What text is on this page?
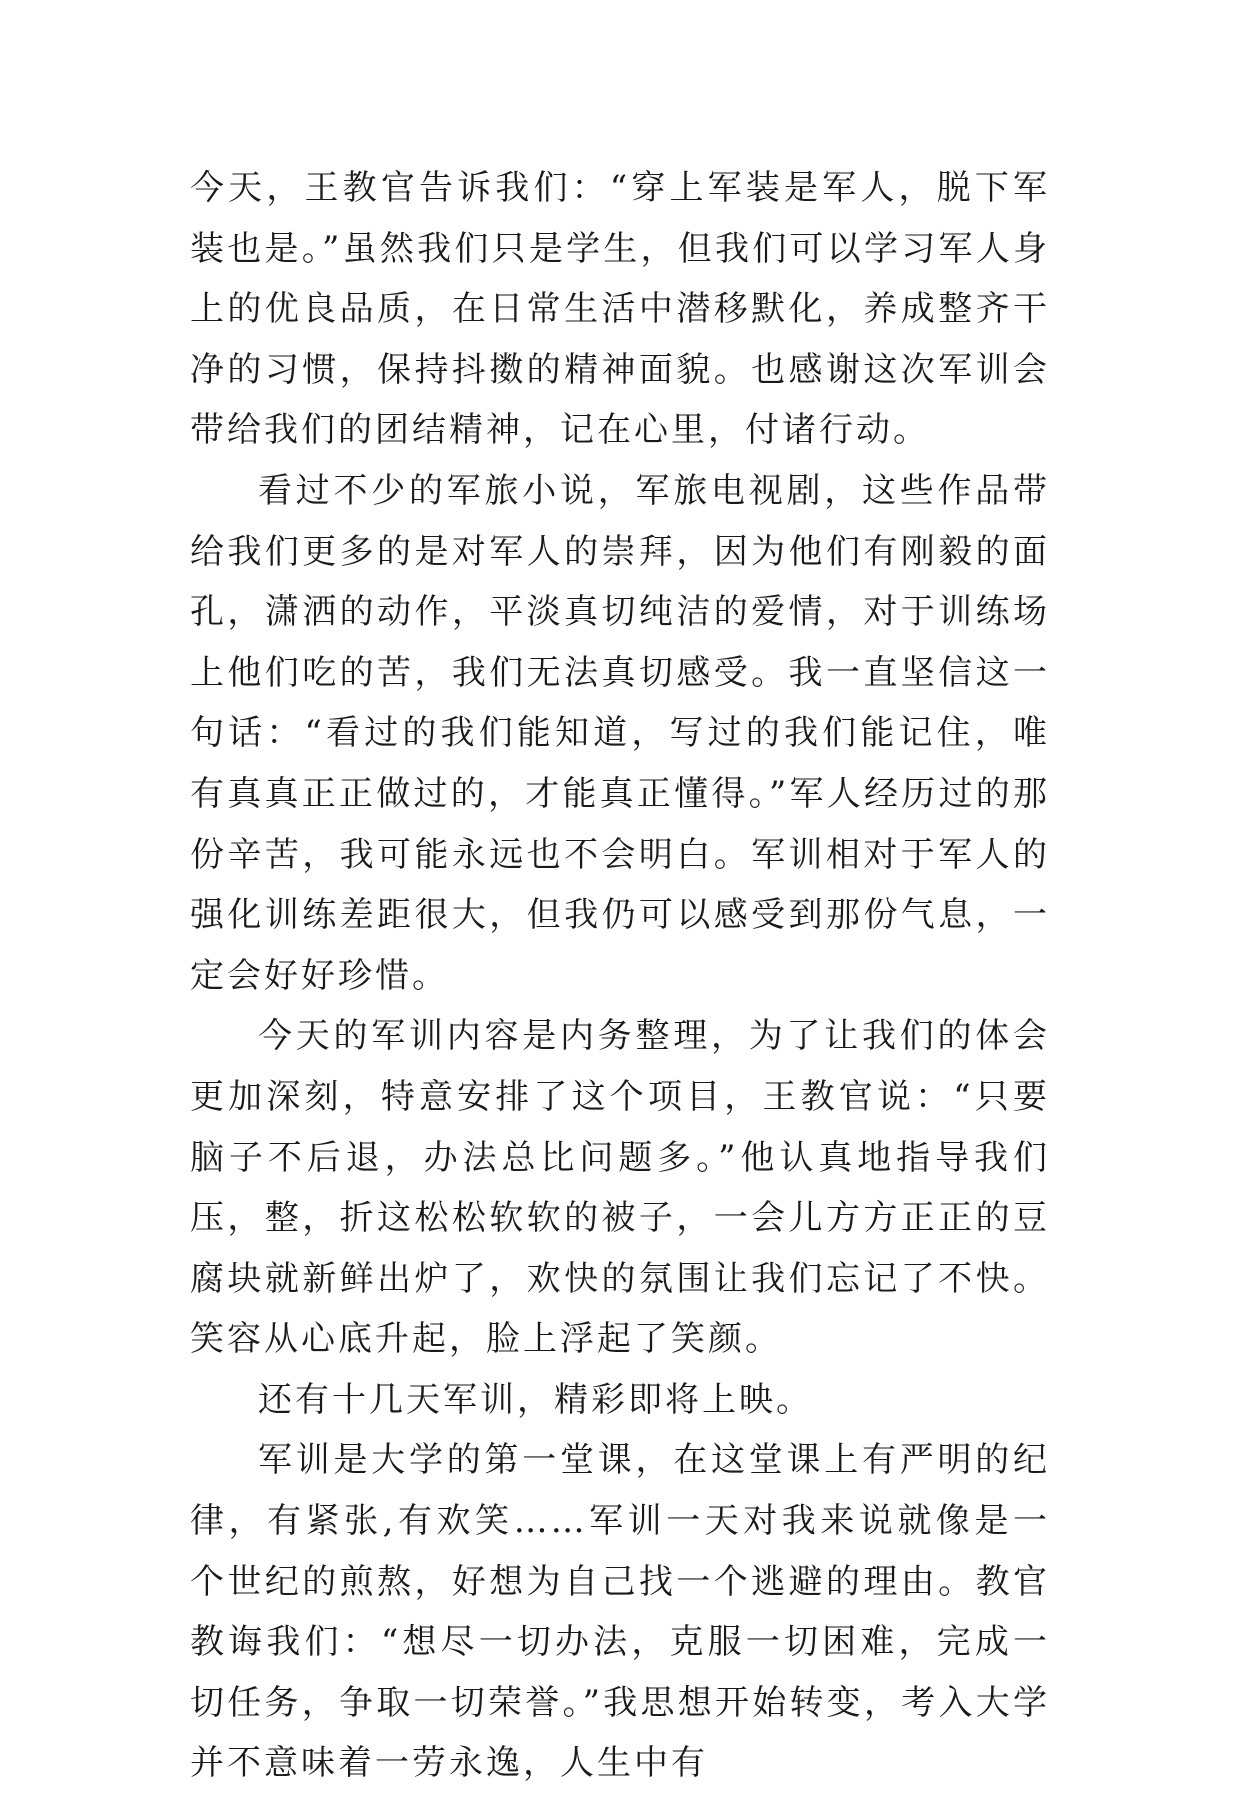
今天，王教官告诉我们：“穿上军装是军人，脱下军装也是。”虽然我们只是学生，但我们可以学习军人身上的优良品质，在日常生活中潜移默化，养成整齐干净的习惯，保持抖擞的精神面貌。也感谢这次军训会带给我们的团结精神，记在心里，付诸行动。

看过不少的军旅小说，军旅电视剧，这些作品带给我们更多的是对军人的崇拜，因为他们有刚毅的面孔，潇洒的动作，平淡真切纯洁的爱情，对于训练场上他们吃的苦，我们无法真切感受。我一直坚信这一句话：“看过的我们能知道，写过的我们能记住，唯有真真正正做过的，才能真正懂得。”军人经历过的那份辛苦，我可能永远也不会明白。军训相对于军人的强化训练差距很大，但我仍可以感受到那份气息，一定会好好珍惜。

今天的军训内容是内务整理，为了让我们的体会更加深刻，特意安排了这个项目，王教官说：“只要脑子不后退，办法总比问题多。”他认真地指导我们压，整，折这松松软软的被子，一会儿方方正正的豆腐块就新鲜出炉了，欢快的氛围让我们忘记了不快。笑容从心底升起，脸上浮起了笑颜。

还有十几天军训，精彩即将上映。

军训是大学的第一堂课，在这堂课上有严明的纪律，有紧张,有欢笑……军训一天对我来说就像是一个世纪的煎熬，好想为自己找一个逃避的理由。教官教诲我们：“想尽一切办法，克服一切困难，完成一切任务，争取一切荣誉。”我思想开始转变，考入大学并不意味着一劳永逸，人生中有
